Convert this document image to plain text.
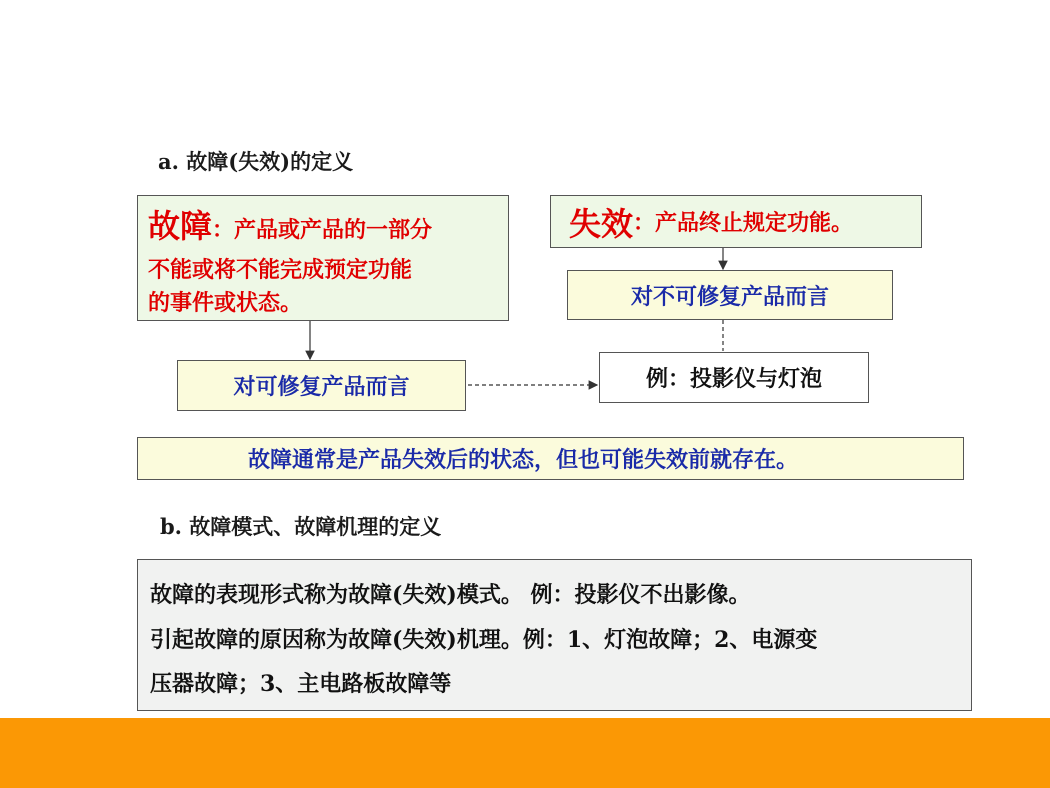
a. 故障(失效)的定义
故障：产品或产品的一部分
不能或将不能完成预定功能
的事件或状态。
失效 ：产品终止规定功能。
对不可修复产品而言
对可修复产品而言	例：投影仪与灯泡
故障通常是产品失效后的状态，但也可能失效前就存在。
b. 故障模式、故障机理的定义
故障的表现形式称为故障(失效)模式。 例：投影仪不出影像。
引起故障的原因称为故障(失效)机理。例：1、灯泡故障；2、电源变
压器故障；3、主电路板故障等
